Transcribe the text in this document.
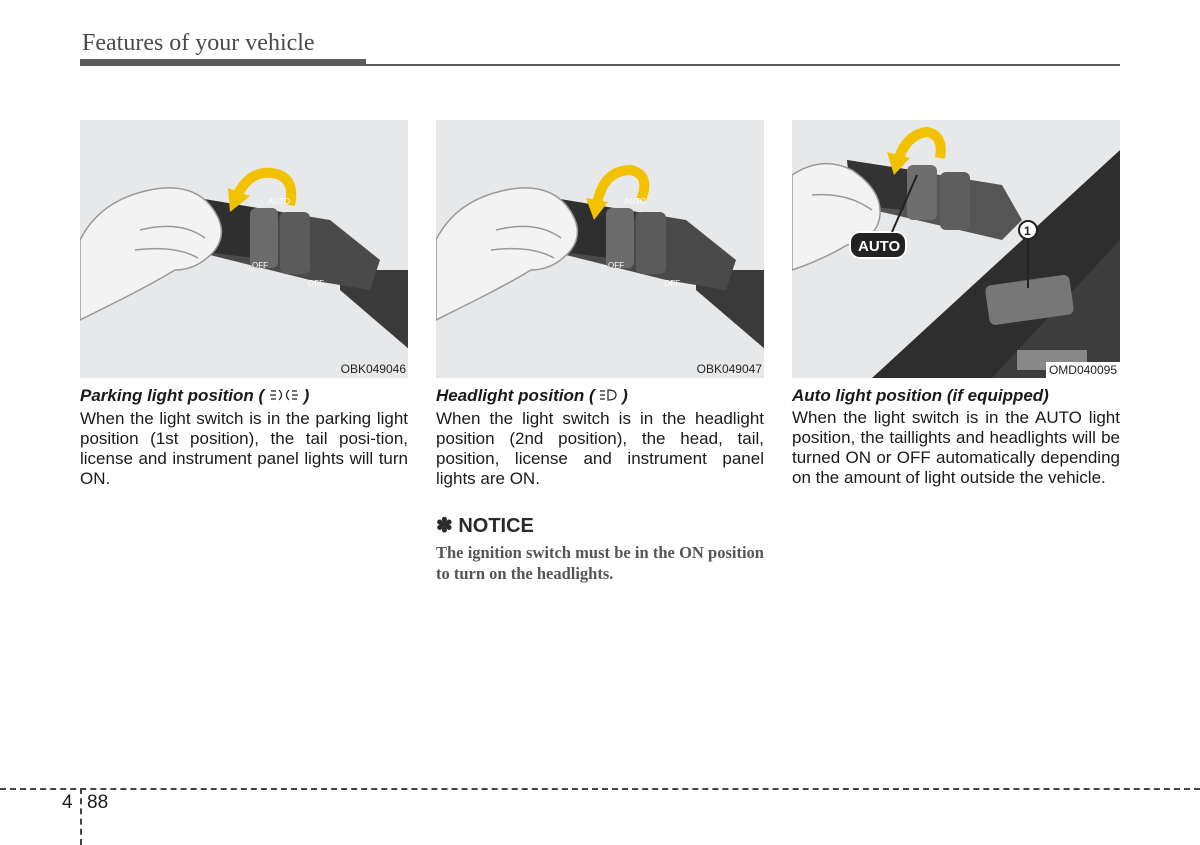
Features of your vehicle
AUTO
OFF
OFF
OBK049046
Parking light position (  )
When the light switch is in the parking light position (1st position), the tail posi-tion, license and instrument panel lights will turn ON.
AUTO
OFF
OFF
OBK049047
Headlight position (  )
When the light switch is in the headlight position (2nd position), the head, tail, position, license and instrument panel lights are ON.
✽ NOTICE
The ignition switch must be in the ON position to turn on the headlights.
AUTO
1
OMD040095
Auto light position (if equipped)
When the light switch is in the AUTO light position, the taillights and headlights will be turned ON or OFF automatically depending on the amount of light outside the vehicle.
4 88
